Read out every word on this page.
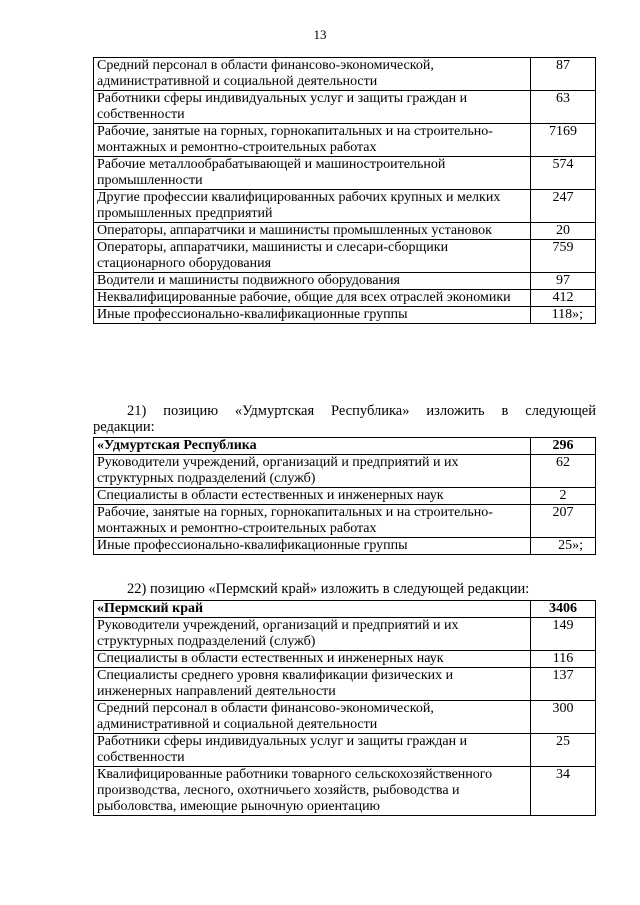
13
Средний персонал в области финансово-экономической, административной и социальной деятельности	87
Работники сферы индивидуальных услуг и защиты граждан и собственности	63
Рабочие, занятые на горных, горнокапитальных и на строительно-монтажных и ремонтно-строительных работах	7169
Рабочие металлообрабатывающей и машиностроительной промышленности	574
Другие профессии квалифицированных рабочих крупных и мелких промышленных предприятий	247
Операторы, аппаратчики и машинисты промышленных установок	20
Операторы, аппаратчики, машинисты и слесари-сборщики стационарного оборудования	759
Водители и машинисты подвижного оборудования	97
Неквалифицированные рабочие, общие для всех отраслей экономики	412
Иные профессионально-квалификационные группы	118»;
21) позицию «Удмуртская Республика» изложить в следующей
редакции:
«Удмуртская Республика	296
Руководители учреждений, организаций и предприятий и их структурных подразделений (служб)	62
Специалисты в области естественных и инженерных наук	2
Рабочие, занятые на горных, горнокапитальных и на строительно-монтажных и ремонтно-строительных работах	207
Иные профессионально-квалификационные группы	25»;
22) позицию «Пермский край» изложить в следующей редакции:
«Пермский край	3406
Руководители учреждений, организаций и предприятий и их структурных подразделений (служб)	149
Специалисты в области естественных и инженерных наук	116
Специалисты среднего уровня квалификации физических и инженерных направлений деятельности	137
Средний персонал в области финансово-экономической, административной и социальной деятельности	300
Работники сферы индивидуальных услуг и защиты граждан и собственности	25
Квалифицированные работники товарного сельскохозяйственного производства, лесного, охотничьего хозяйств, рыбоводства и рыболовства, имеющие рыночную ориентацию	34
